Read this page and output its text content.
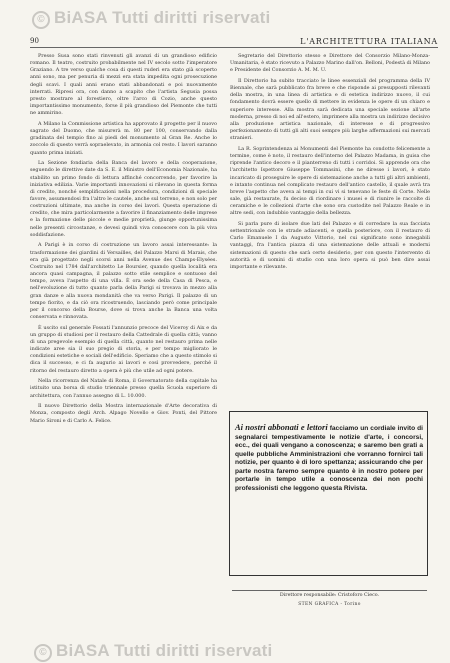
© BiASA Tutti diritti riservati
90	L'ARCHITETTURA ITALIANA

Presso Susa sono stati rinvenuti gli avanzi di un grandioso edificio romano. Il teatro, costruito probabilmente nel IV secolo sotto l'imperatore Graziano. A tre verso qualche cosa di questi ruderi era stato già scoperto anni sono, ma per penuria di mezzi era stata impedita ogni prosecuzione degli scavi. I quali anni erano stati abbandonati e poi nuovamente interrati. Ripresi ora, con danno a scapito che l'artista Segusia possa presto mostrare al forestiero, oltre l'arco di Cozio, anche questo importantissimo monumento, forse il più grandioso del Piemonte che tutti ne ammirino.

A Milano la Commissione artistica ha approvato il progetto per il nuovo sagrato del Duomo, che misurerà m. 80 per 100, conservando dalla gradinata del tempio fino ai piedi del monumento al Gran Re. Anche lo zoccolo di questo verrà sopraelevato, in armonia col resto. I lavori saranno quanto prima iniziati.

La Sezione fondiaria della Banca del lavoro e della cooperazione, seguendo le direttive date da S. E. il Ministro dell'Economia Nazionale, ha stabilito un primo fondo di lettura affinché concorrendo, per favorire la iniziativa edilizia. Varie importanti innovazioni si rilevano in questa forma di credito, nonché semplificazioni nella procedura, condizioni di speciale favore, assumendosi fra l'altro le cautele, anche sul terreno, e non solo per costruzioni ultimate, ma anche in corso dei lavori. Questa operazione di credito, che mira particolarmente a favorire il finanziamento delle imprese e la formazione delle piccole e medie proprietà, giunge opportunissima nelle presenti circostanze, e devesi quindi viva conoscere con la più viva soddisfazione.

A Parigi è in corso di costruzione un lavoro assai interessante: la trasformazione dei giardini di Versailles, del Palazzo Marsi di Marais, che era già progettato negli scorsi anni nella Avenue des Champs-Elysées. Costruito nel 1784 dall'architetto Le Boursier, quando quella località era ancora quasi campagna, il palazzo sotto stile semplice e sontuoso del tempo, aveva l'aspetto di una villa. È ora sede della Casa di Pesca, e nell'evoluzione di tutto quanto parla della Parigi si trovava in mezzo alla gran danze e alla nuova mondanità che va verso Parigi. Il palazzo di un tempo fiorito, e da ciò ora ricostruendo, lasciando però come principale per il concorso della Bourse, dove si trova anche la Banca una volta conservata e rinnovata.

È uscito sul generale Fossati l'annunzio precoce del Viceroy di Aix e da un gruppo di studiosi per il restauro della Cattedrale di quella città; vanno di una pregevole esempio di quella città, quanto nel restauro prima nelle indicate aree sia il suo pregio di storia, e per tempo migliorato le condizioni estetiche e sociali dell'edificio. Speriamo che a questo stimolo si dica il successo, e ci fa augurio ai lavori e così provvedere, perché il ritorno del restauro diretto a opera è più che utile ad ogni potere.

Nella ricorrenza del Natale di Roma, il Governatorato della capitale ha istituito una borsa di studio triennale presso quella Scuola superiore di architettura, con l'annuo assegno di L. 10.000.

Il nuovo Direttorio della Mostra internazionale d'Arte decorativa di Monza, composto degli Arch. Alpago Novello e Giov. Ponti, del Pittore Mario Sironi e di Carlo A. Felice.

Segretario del Direttorio stesso e Direttore del Consorzio Milano-Monza-Umanitaria, è stato ricevuto a Palazzo Marino dall'on. Belloni, Podestà di Milano e Presidente del Consorzio A. M. M. U.

Il Direttorio ha subito tracciato le linee essenziali del programma della IV Biennale, che sarà pubblicato fra breve e che risponde ai presupposti rilevanti della mostra, in una linea di artistica e di estetica indirizzo nuovo, il cui fondamento dovrà essere quello di mettere in evidenza le opere di un chiaro e superiore interesse. Alla mostra sarà dedicata una speciale sezione all'arte moderna, presso di noi ed all'estero, imprimere alla mostra un indirizzo decisivo alla produzione artistica nazionale, di interesse e di progressivo perfezionamento di tutti gli alti suoi sempre più larghe affermazioni sui mercati stranieri.

La R. Soprintendenza ai Monumenti del Piemonte ha condotto felicemente a termine, come è noto, il restauro dell'interno del Palazzo Madama, in guisa che riprende l'antico decoro e il pianterreno di tutti i corridoi. Si apprende ora che l'architetto Ispettore Giuseppe Tommasini, che ne diresse i lavori, è stato incaricato di proseguire le opere di sistemazione anche a tutti gli altri ambienti, e intanto continua nel complicato restauro dell'antico castello, il quale avrà tra breve l'aspetto che aveva ai tempi in cui vi si tenevano le feste di Corte. Nelle sale, già restaurate, fu deciso di riordinare i musei e di riunire le raccolte di ceramiche e le collezioni d'arte che sono ora custodite nel Palazzo Reale e in altre sedi, con indubbio vantaggio della bellezza.

Si parla pure di isolare due lati del Palazzo e di corredare la sua facciata settentrionale con le strade adiacenti, e quella posteriore, con il restauro di Carlo Emanuele I da Augusto Vittorio, nel cui significato sono innegabili vantaggi, fra l'antica piazza di una sistemazione delle attuali e moderni sistemazioni di questo che sarà certo desiderio, per con questo l'intervento di autorità e di uomini di studio con una loro opera si può ben dire assai importante e rilevante.

Ai nostri abbonati e lettori facciamo un cordiale invito di segnalarci tempestivamente le notizie d'arte, i concorsi, ecc., dei quali vengano a conoscenza; e saremo ben grati a quelle pubbliche Amministrazioni che vorranno fornirci tali notizie, per quanto è di loro spettanza; assicurando che per parte nostra faremo sempre quanto è in nostro potere per portarle in tempo utile a conoscenza dei non pochi professionisti che leggono questa Rivista.
Direttore responsabile: Cristoforo Cieco.
STEN GRAFICA - Torino
© BiASA Tutti diritti riservati
